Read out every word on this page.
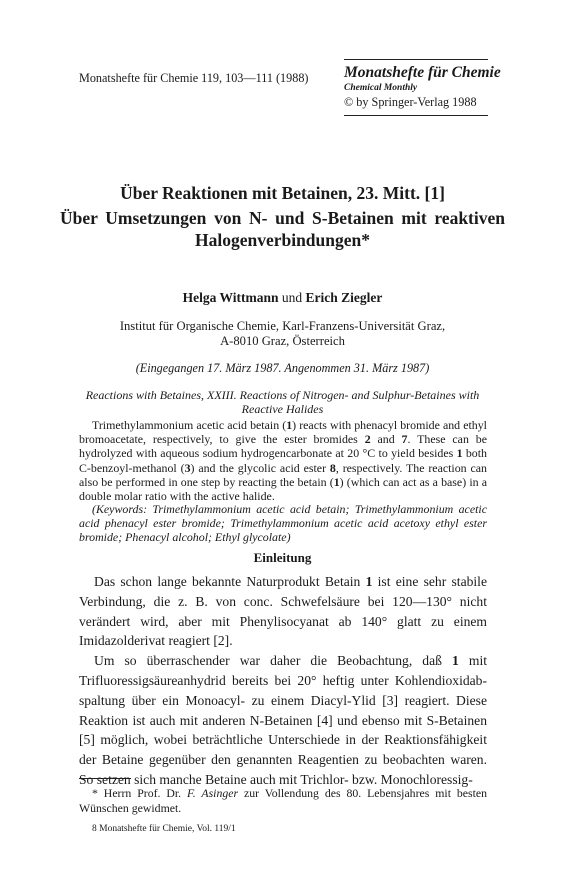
Monatshefte für Chemie 119, 103—111 (1988) Monatshefte für Chemie
Chemical Monthly
© by Springer-Verlag 1988
Über Reaktionen mit Betainen, 23. Mitt. [1]
Über Umsetzungen von N- und S-Betainen mit reaktiven
Halogenverbindungen*
Helga Wittmann und Erich Ziegler
Institut für Organische Chemie, Karl-Franzens-Universität Graz,
A-8010 Graz, Österreich
(Eingegangen 17. März 1987. Angenommen 31. März 1987)
Reactions with Betaines, XXIII. Reactions of Nitrogen- and Sulphur-Betaines with
Reactive Halides

Trimethylammonium acetic acid betain (1) reacts with phenacyl bromide and ethyl bromoacetate, respectively, to give the ester bromides 2 and 7. These can be hydrolyzed with aqueous sodium hydrogencarbonate at 20 °C to yield besides 1 both C-benzoyl-methanol (3) and the glycolic acid ester 8, respectively. The reaction can also be performed in one step by reacting the betain (1) (which can act as a base) in a double molar ratio with the active halide.

(Keywords: Trimethylammonium acetic acid betain; Trimethylammonium acetic acid phenacyl ester bromide; Trimethylammonium acetic acid acetoxy ethyl ester bromide; Phenacyl alcohol; Ethyl glycolate)

Einleitung

Das schon lange bekannte Naturprodukt Betain 1 ist eine sehr stabile Verbindung, die z. B. von conc. Schwefelsäure bei 120—130° nicht verändert wird, aber mit Phenylisocyanat ab 140° glatt zu einem Imidazolderivat reagiert [2].

Um so überraschender war daher die Beobachtung, daß 1 mit Trifluoressigsäureanhydrid bereits bei 20° heftig unter Kohlendioxidab-spaltung über ein Monoacyl- zu einem Diacyl-Ylid [3] reagiert. Diese Reaktion ist auch mit anderen N-Betainen [4] und ebenso mit S-Betainen [5] möglich, wobei beträchtliche Unterschiede in der Reaktionsfähigkeit der Betaine gegenüber den genannten Reagentien zu beobachten waren. So setzen sich manche Betaine auch mit Trichlor- bzw. Monochloressig-

* Herrn Prof. Dr. F. Asinger zur Vollendung des 80. Lebensjahres mit besten Wünschen gewidmet.

8 Monatshefte für Chemie, Vol. 119/1
